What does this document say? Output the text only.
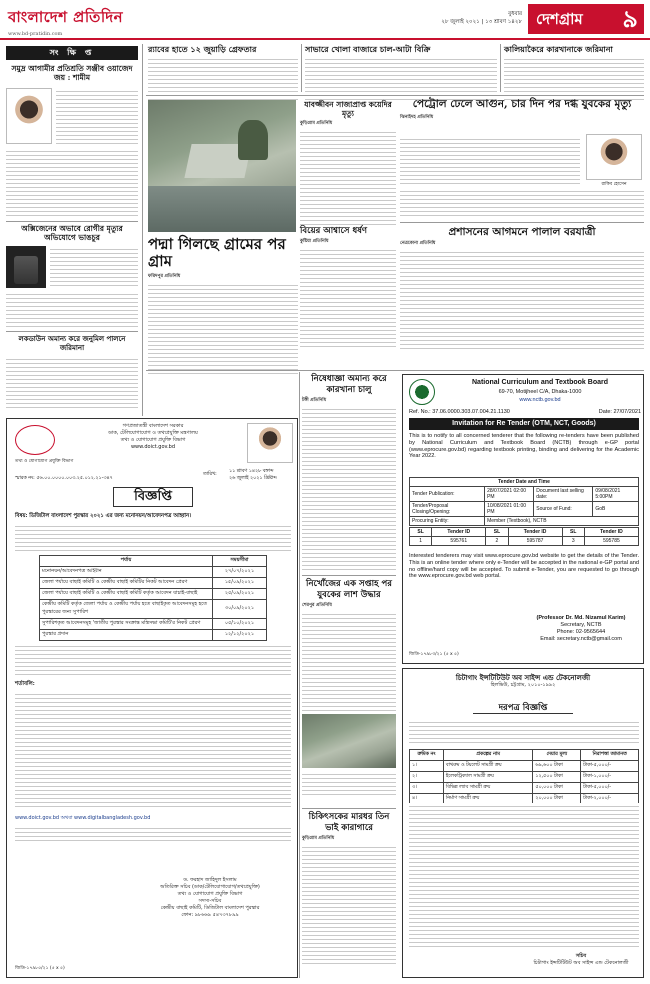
বাংলাদেশ প্রতিদিন
www.bd-pratidin.com
বুধবার
২৮ জুলাই ২০২১ | ১৩ শ্রাবণ ১৪২৮ দেশগ্রাম ৯
সং ক্ষি প্ত
সমুদ্র আগামীর প্রতিশ্রতি সঞ্জীব ওয়াজেদ জয় : শামীম
অক্সিজেনের অভাবে রোগীর মৃত্যুর অভিযোগে ভাঙচুর
লকডাউন অমান্য করে জনুমিল পালনে জরিমানা
র‌্যাবের হাতে ১২ জুয়াড়ি গ্রেফতার	সাভারে খোলা বাজারে চাল-আটা বিক্রি	কালিয়াকৈরে কারখানাকে জরিমানা
যাবজ্জীবন সাজাপ্রাপ্ত কয়েদির মৃত্যু
কুড়িগ্রাম প্রতিনিধি
পেট্রোল ঢেলে আগুন, চার দিন পর দগ্ধ যুবকের মৃত্যু
ঝিনাইদহ প্রতিনিধি
রাকিব হোসেন
প্রশাসনের আগমনে পালাল বরযাত্রী
নেত্রকোনা প্রতিনিধি
বিয়ের আশ্বাসে ধর্ষণ
কুষ্টিয়া প্রতিনিধি
পদ্মা গিলছে গ্রামের পর গ্রাম
ফরিদপুর প্রতিনিধি
গণপ্রজাতন্ত্রী বাংলাদেশ সরকার
ডাক, টেলিযোগাযোগ ও তথ্যপ্রযুক্তি মন্ত্রণালয়
তথ্য ও যোগাযোগ প্রযুক্তি বিভাগ
www.doict.gov.bd
তথ্য ও যোগাযোগ প্রযুক্তি বিভাগ
স্মারক নং: ৫৬.০০.০০০০.০০৩.২৫.০১২.২১-৩৪৭
তারিখ:
১১ শ্রাবণ ১৪২৮ বঙ্গাব্দ
২৬ জুলাই ২০২১ খ্রিষ্টাব্দ
বিজ্ঞপ্তি
বিষয়: ডিজিটাল বাংলাদেশ পুরস্কার ২০২১ এর জন্য মনোনয়ন/আবেদনপত্র আহ্বান।
পর্যায়	সময়সীমা
মনোনয়ন/আবেদনপত্র আহ্বান	২৭/০৭/২০২১
জেলা পর্যায়ে বাছাই কমিটি ও কেন্দ্রীয় বাছাই কমিটির নিকট আবেদন প্রেরণ	১৫/০৯/২০২১
জেলা পর্যায়ে বাছাই কমিটি ও কেন্দ্রীয় বাছাই কমিটি কর্তৃক আবেদন যাচাই-বাছাই	২৫/০৯/২০২১
কেন্দ্রীয় কমিটি কর্তৃক জেলা পর্যায় ও কেন্দ্রীয় পর্যায় হতে বাছাইকৃত আবেদনসমূহ হতে পুরস্কারের জন্য সুপারিশ	৩০/০৯/২০২১
সুপারিশকৃত আবেদনসমূহ 'জাতীয় পুরস্কার সংক্রান্ত মন্ত্রিসভা কমিটি'র নিকট প্রেরণ	০৫/১০/২০২১
পুরস্কার প্রদান	১২/১২/২০২১
শর্তাবলি:
www.doict.gov.bd অথবা www.digitalbangladesh.gov.bd
ড. ফরহাদ জাহিদুল ইসলাম
অতিরিক্ত সচিব (ডাক/টেলিযোগাযোগ/তথ্যপ্রযুক্তি)
তথ্য ও যোগাযোগ প্রযুক্তি বিভাগ
সদস্য-সচিব
কেন্দ্রীয় বাছাই কমিটি, ডিজিটাল বাংলাদেশ পুরস্কার
ফোন: ৯৮৬৬৯ ৫৪৭৩৭৮৯৯
জিডি-১৭৯৮৫/২১ (৫ x ৫)
নিষেধাজ্ঞা অমান্য করে কারখানা চালু
টঙ্গী প্রতিনিধি
নিখোঁজের এক সপ্তাহ পর যুবকের লাশ উদ্ধার
শেরপুর প্রতিনিধি
চিকিৎসকের মারধর তিন ভাই কারাগারে
কুড়িগ্রাম প্রতিনিধি
National Curriculum and Textbook Board
69-70, Motijheel C/A, Dhaka-1000
www.nctb.gov.bd
Ref. No.: 37.06.0000.303.07.004.21.1130	Date: 27/07/2021
Invitation for Re Tender (OTM, NCT, Goods)
This is to notify to all concerned tenderer that the following re-tenders have been published by National Curriculum and Textbook Board (NCTB) through e-GP portal (www.eprocure.gov.bd) regarding textbook printing, binding and delivering for the Academic Year 2022.
Tender Date and Time			
Tender Publication:	28/07/2021 02:00 PM	Document last selling date:	09/08/2021 5:00PM
Tender/Proposal Closing/Opening:	10/08/2021 01:00 PM	Source of Fund:	GoB
Procuring Entity:	Member (Textbook), NCTB		
SL	Tender ID	SL	Tender ID	SL	Tender ID
1	595761	2	595787	3	595785
Interested tenderers may visit www.eprocure.gov.bd website to get the details of the Tender. This is an online tender where only e-Tender will be accepted in the national e-GP portal and no offline/hard copy will be accepted. To submit e-Tender, you are requested to go through the www.eprocure.gov.bd web portal.
(Professor Dr. Md. Nizamul Karim)
Secretary, NCTB
Phone: 02-9565644
Email: secretary.nctb@gmail.com
জিডি-১৭৯৮৩/২১ (৫ x ৫)
চিটাগাং ইন্সটিটিউট অব সাইন্স এন্ড টেকনোলজী
হিলভিউ, চট্টগ্রাম, ২০১০-১৯৯২
দরপত্র বিজ্ঞপ্তি
ক্রমিক নং	প্রকল্পের নাম	দেয়ার মূল্য	নিরাপত্তা জামানত
১।	বাথরুম ও টয়লেট সামগ্রী ক্রয়	৬৯,৬০০ টাকা	টাকা-৫,০০০/-
২।	ইলেকট্রিক্যাল সামগ্রী ক্রয়	১২,৫০০ টাকা	টাকা-১,০০০/-
৩।	বিভিন্ন ল্যাব সামগ্রী ক্রয়	৫০,০০০ টাকা	টাকা-৫,০০০/-
৪।	নির্মাণ সামগ্রী ক্রয়	২০,০০০ টাকা	টাকা-২,০০০/-
সচিব
চিটাগাং ইন্সটিটিউট অব সাইন্স এন্ড টেকনোলজী
